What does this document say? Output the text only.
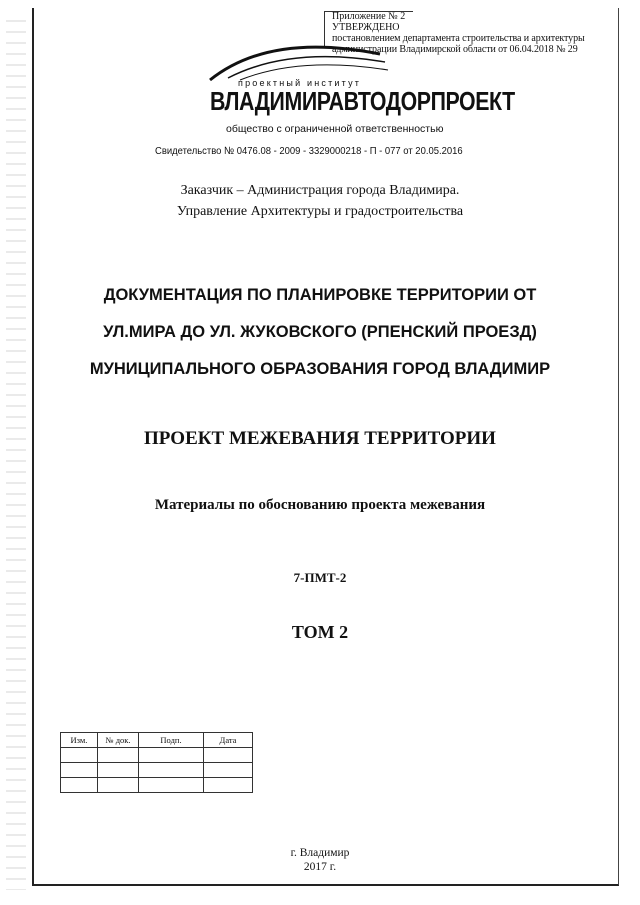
Приложение № 2
УТВЕРЖДЕНО
постановлением департамента строительства и архитектуры
администрации Владимирской области от 06.04.2018 № 29
проектный институт
ВЛАДИМИРАВТОДОРПРОЕКТ
общество с ограниченной ответственностью
Свидетельство № 0476.08 - 2009 - 3329000218 - П - 077 от 20.05.2016
Заказчик – Администрация города Владимира.
Управление Архитектуры и градостроительства
ДОКУМЕНТАЦИЯ ПО ПЛАНИРОВКЕ ТЕРРИТОРИИ ОТ
УЛ.МИРА ДО УЛ. ЖУКОВСКОГО (РПЕНСКИЙ ПРОЕЗД)
МУНИЦИПАЛЬНОГО ОБРАЗОВАНИЯ ГОРОД ВЛАДИМИР
ПРОЕКТ МЕЖЕВАНИЯ ТЕРРИТОРИИ
Материалы по обоснованию проекта межевания
7-ПМТ-2
ТОМ 2
Изм.	№ док.	Подп.	Дата

г. Владимир
2017 г.
